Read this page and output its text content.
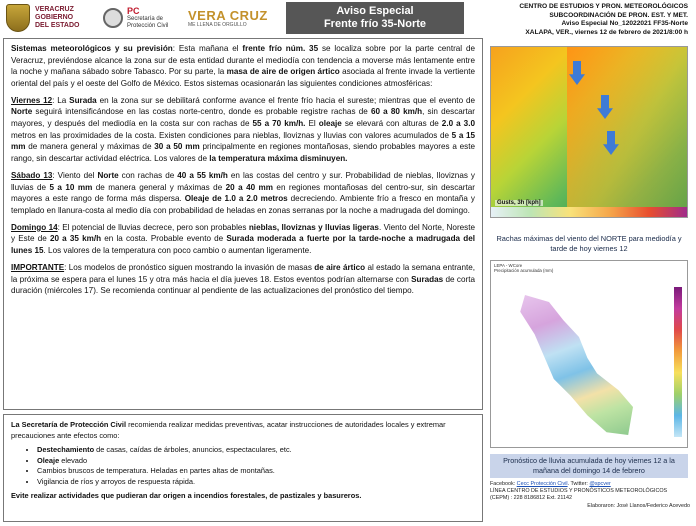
VERACRUZ
GOBIERNO
DEL ESTADO
PC
Secretaría de
Protección Civil
VERA CRUZ
ME LLENA DE ORGULLO
Aviso Especial
Frente frío 35-Norte
CENTRO DE ESTUDIOS Y PRON. METEOROLÓGICOS
SUBCOORDINACIÓN DE PRON. EST. Y MET.
Aviso Especial No_12022021 FF35-Norte
XALAPA, VER., viernes 12 de febrero de 2021/8:00 h

Sistemas meteorológicos y su previsión: Esta mañana el frente frío núm. 35 se localiza sobre por la parte central de Veracruz, previéndose alcance la zona sur de esta entidad durante el mediodía con tendencia a moverse más lentamente entre la noche y mañana sábado sobre Tabasco. Por su parte, la masa de aire de origen ártico asociada al frente invade la vertiente oriental del país y el oeste del Golfo de México. Estos sistemas ocasionarán las siguientes condiciones atmosféricas:

Viernes 12: La Surada en la zona sur se debilitará conforme avance el frente frío hacia el sureste; mientras que el evento de Norte seguirá intensificándose en las costas norte-centro, donde es probable registre rachas de 60 a 80 km/h, sin descartar mayores, y después del mediodía en la costa sur con rachas de 55 a 70 km/h. El oleaje se elevará con alturas de 2.0 a 3.0 metros en las proximidades de la costa. Existen condiciones para nieblas, lloviznas y lluvias con valores acumulados de 5 a 15 mm de manera general y máximas de 30 a 50 mm principalmente en regiones montañosas, siendo probables mayores a este rango, sin descartar actividad eléctrica. Los valores de la temperatura máxima disminuyen.

Sábado 13: Viento del Norte con rachas de 40 a 55 km/h en las costas del centro y sur. Probabilidad de nieblas, lloviznas y lluvias de 5 a 10 mm de manera general y máximas de 20 a 40 mm en regiones montañosas del centro-sur, sin descartar mayores a este rango de forma más dispersa. Oleaje de 1.0 a 2.0 metros decreciendo. Ambiente frío a fresco en montaña y templado en llanura-costa al medio día con probabilidad de heladas en zonas serranas por la noche a madrugada del domingo.

Domingo 14: El potencial de lluvias decrece, pero son probables nieblas, lloviznas y lluvias ligeras. Viento del Norte, Noreste y Este de 20 a 35 km/h en la costa. Probable evento de Surada moderada a fuerte por la tarde-noche a madrugada del lunes 15. Los valores de la temperatura con poco cambio o aumentan ligeramente.

IMPORTANTE: Los modelos de pronóstico siguen mostrando la invasión de masas de aire ártico al estado la semana entrante, la próxima se espera para el lunes 15 y otra más hacia el día jueves 18. Estos eventos podrían alternarse con Suradas de corta duración (miércoles 17). Se recomienda continuar al pendiente de las actualizaciones del pronóstico del tiempo.

La Secretaría de Protección Civil recomienda realizar medidas preventivas, acatar instrucciones de autoridades locales y extremar precauciones ante efectos como:
• Destechamiento de casas, caídas de árboles, anuncios, espectaculares, etc.
• Oleaje elevado
• Cambios bruscos de temperatura. Heladas en partes altas de montañas.
• Vigilancia de ríos y arroyos de respuesta rápida.
Evite realizar actividades que pudieran dar origen a incendios forestales, de pastizales y basureros.
Gusts, 3h [kph]
Rachas máximas del viento del NORTE para mediodía y tarde de hoy viernes 12
LEPA - WCore
Precipitación acumulada (mm)
Pronóstico de lluvia acumulada de hoy viernes 12 a la mañana del domingo 14 de febrero
Facebook: Cecc Protección Civil. Twitter: @spcver
LÍNEA CENTRO DE ESTUDIOS Y PRONÓSTICOS METEOROLÓGICOS
(CEPM) : 228 8186812 Ext. 21142
Elaboraron: José Llanos/Federico Acevedo
